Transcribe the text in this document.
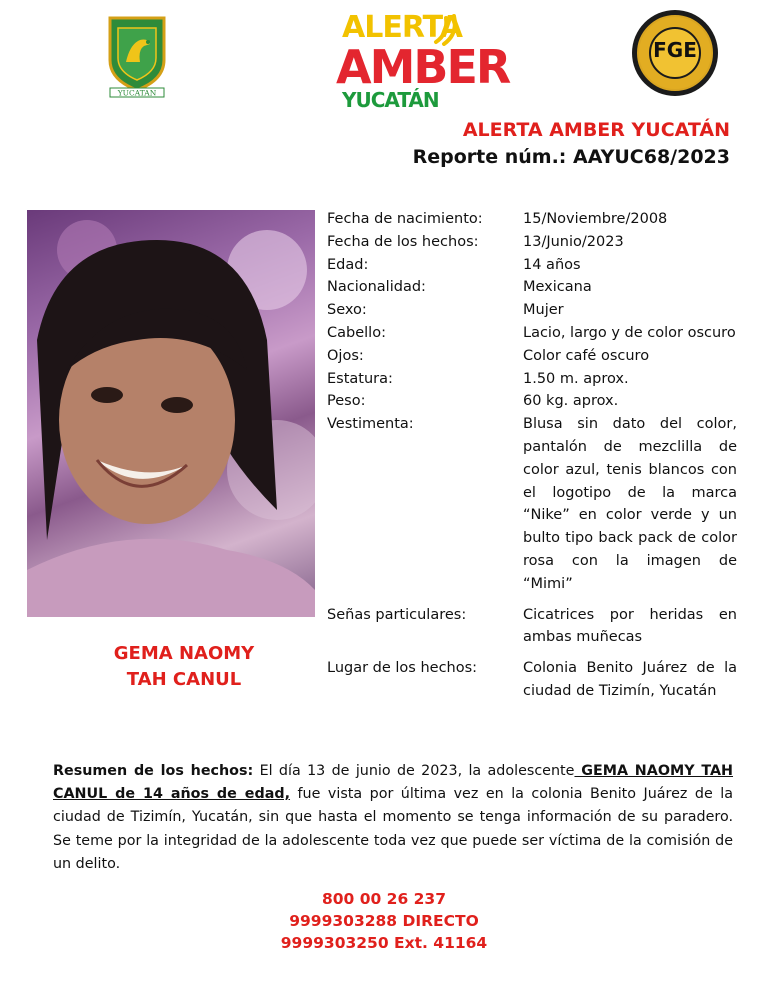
YUCATAN
ALERTA
AMBER
YUCATÁN
FGE
ALERTA AMBER YUCATÁN
Reporte núm.: AAYUC68/2023
GEMA NAOMY
TAH CANUL
Fecha de nacimiento:	15/Noviembre/2008
Fecha de los hechos:	13/Junio/2023
Edad:	14 años
Nacionalidad:	Mexicana
Sexo:	Mujer
Cabello:	Lacio, largo y de color oscuro
Ojos:	Color café oscuro
Estatura:	1.50 m. aprox.
Peso:	60 kg. aprox.
Vestimenta:	Blusa sin dato del color, pantalón de mezclilla de color azul, tenis blancos con el logotipo de la marca “Nike” en color verde y un bulto tipo back pack de color rosa con la imagen de “Mimi”
Señas particulares:	Cicatrices por heridas en ambas muñecas
Lugar de los hechos:	Colonia Benito Juárez de la ciudad de Tizimín, Yucatán
Resumen de los hechos: El día 13 de junio de 2023, la adolescente GEMA NAOMY TAH CANUL de 14 años de edad, fue vista por última vez en la colonia Benito Juárez de la ciudad de Tizimín, Yucatán, sin que hasta el momento se tenga información de su paradero. Se teme por la integridad de la adolescente toda vez que puede ser víctima de la comisión de un delito.
800 00 26 237
9999303288 DIRECTO
9999303250 Ext. 41164
